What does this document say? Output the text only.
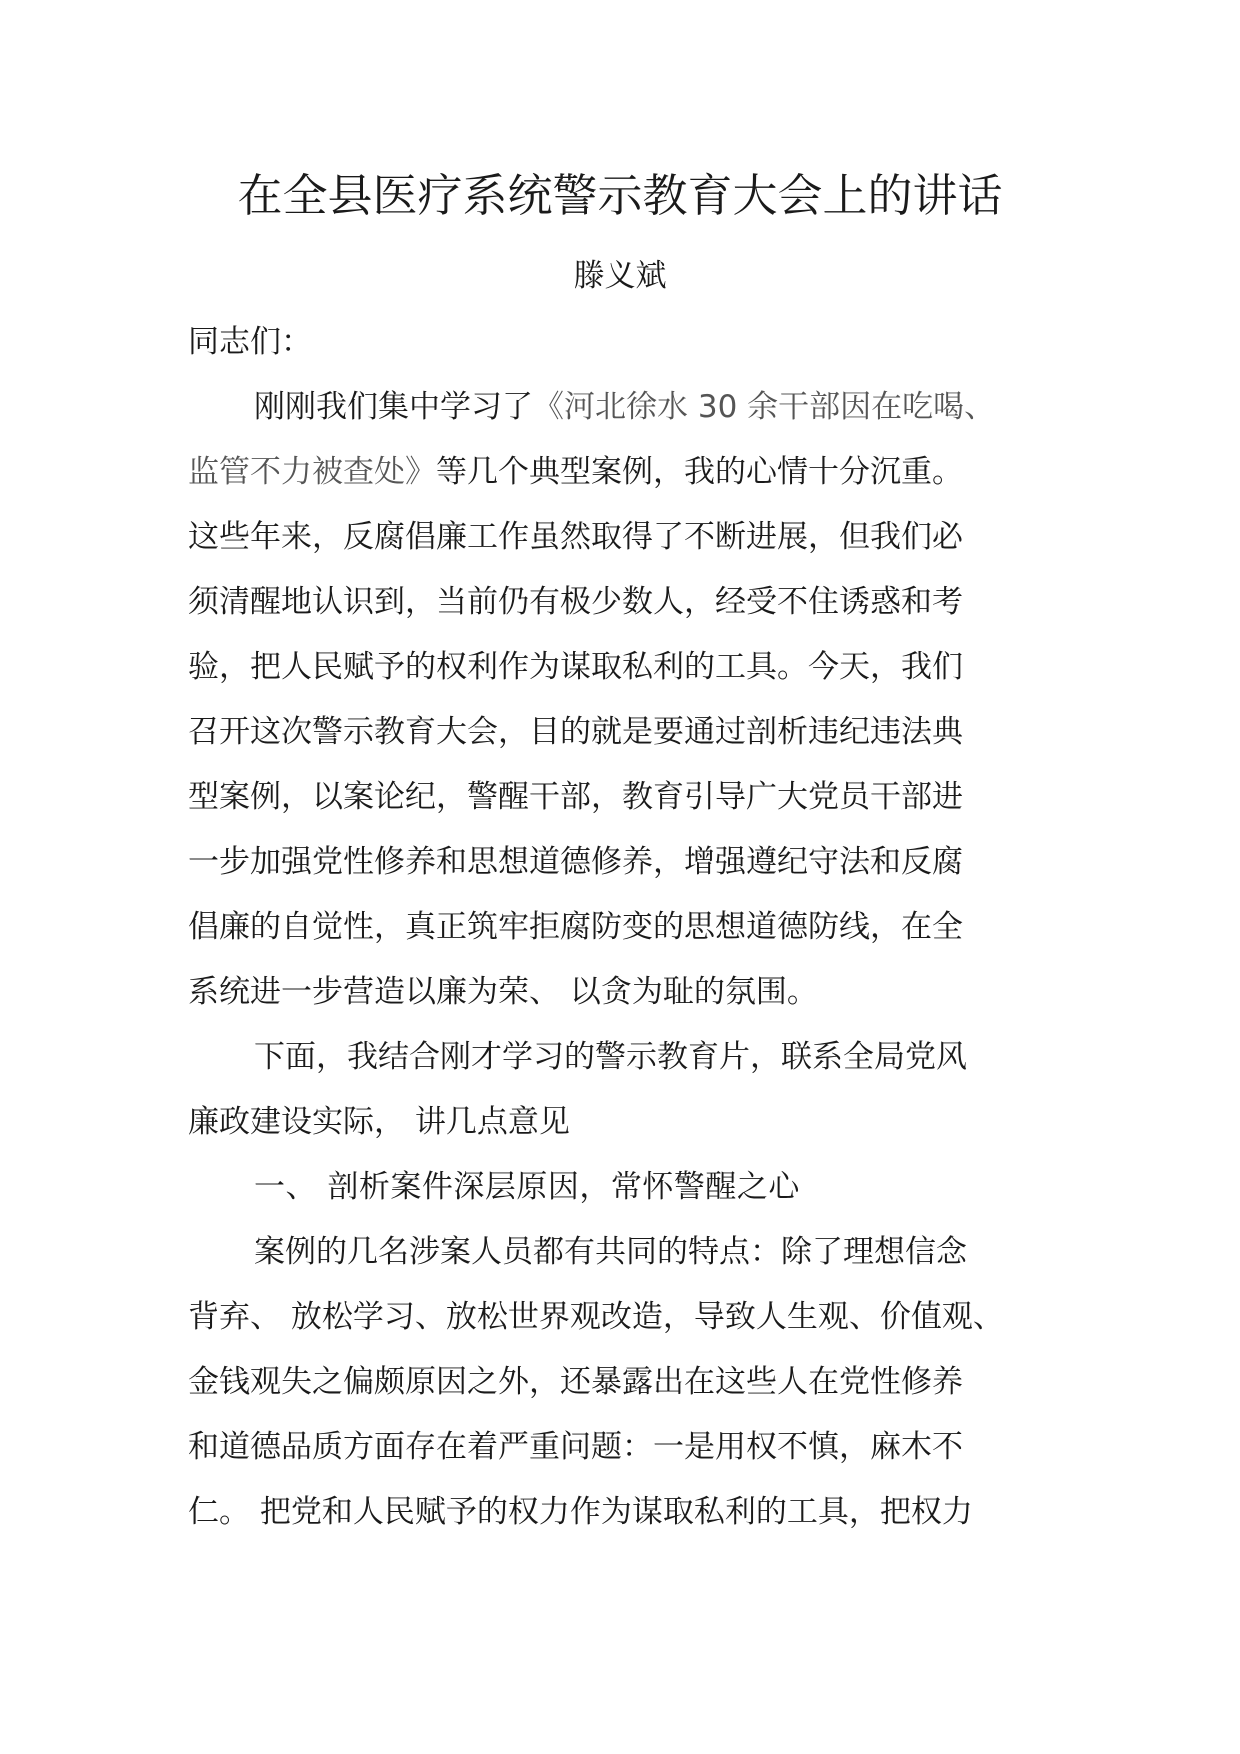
在全县医疗系统警示教育大会上的讲话
滕义斌
同志们：
刚刚我们集中学习了《河北徐水 30 余干部因在吃喝、
监管不力被查处》等几个典型案例，我的心情十分沉重。
这些年来，反腐倡廉工作虽然取得了不断进展，但我们必
须清醒地认识到，当前仍有极少数人，经受不住诱惑和考
验，把人民赋予的权利作为谋取私利的工具。今天，我们
召开这次警示教育大会，目的就是要通过剖析违纪违法典
型案例，以案论纪，警醒干部，教育引导广大党员干部进
一步加强党性修养和思想道德修养，增强遵纪守法和反腐
倡廉的自觉性，真正筑牢拒腐防变的思想道德防线，在全
系统进一步营造以廉为荣、 以贪为耻的氛围。
下面，我结合刚才学习的警示教育片，联系全局党风
廉政建设实际， 讲几点意见
一、 剖析案件深层原因，常怀警醒之心
案例的几名涉案人员都有共同的特点：除了理想信念
背弃、 放松学习、放松世界观改造，导致人生观、价值观、
金钱观失之偏颇原因之外，还暴露出在这些人在党性修养
和道德品质方面存在着严重问题：一是用权不慎，麻木不
仁。 把党和人民赋予的权力作为谋取私利的工具，把权力
